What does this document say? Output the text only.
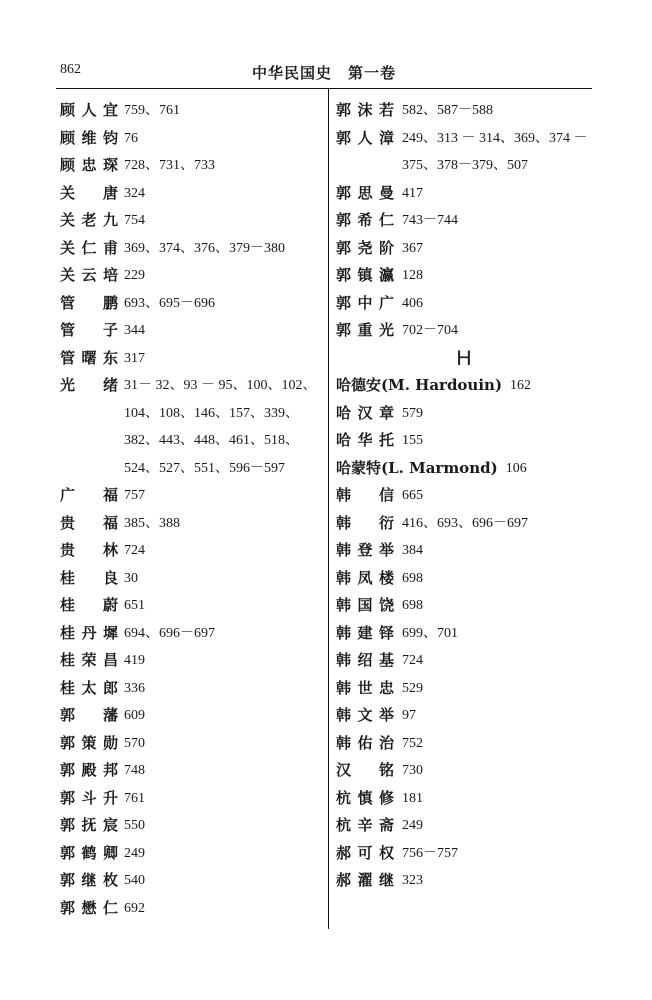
862	中华民国史　第一卷
顾人宜 759、761
顾维钧 76
顾忠琛 728、731、733
关唐 324
关老九 754
关仁甫 369、374、376、379－380
关云培 229
管鹏 693、695－696
管子 344
管曙东 317
光绪 31－ 32、93 － 95、100、102、104、108、146、157、339、382、443、448、461、518、524、527、551、596－597
广福 757
贵福 385、388
贵林 724
桂良 30
桂蔚 651
桂丹墀 694、696－697
桂荣昌 419
桂太郎 336
郭藩 609
郭策勋 570
郭殿邦 748
郭斗升 761
郭抚宸 550
郭鹤卿 249
郭继枚 540
郭懋仁 692
郭沫若 582、587－588
郭人漳 249、313 － 314、369、374 －375、378－379、507
郭思曼 417
郭希仁 743－744
郭尧阶 367
郭镇瀛 128
郭中广 406
郭重光 702－704
H
哈德安(M. Hardouin) 162
哈汉章 579
哈华托 155
哈蒙特(L. Marmond) 106
韩信 665
韩衍 416、693、696－697
韩登举 384
韩凤楼 698
韩国饶 698
韩建铎 699、701
韩绍基 724
韩世忠 529
韩文举 97
韩佑治 752
汉铭 730
杭慎修 181
杭辛斋 249
郝可权 756－757
郝濯继 323
